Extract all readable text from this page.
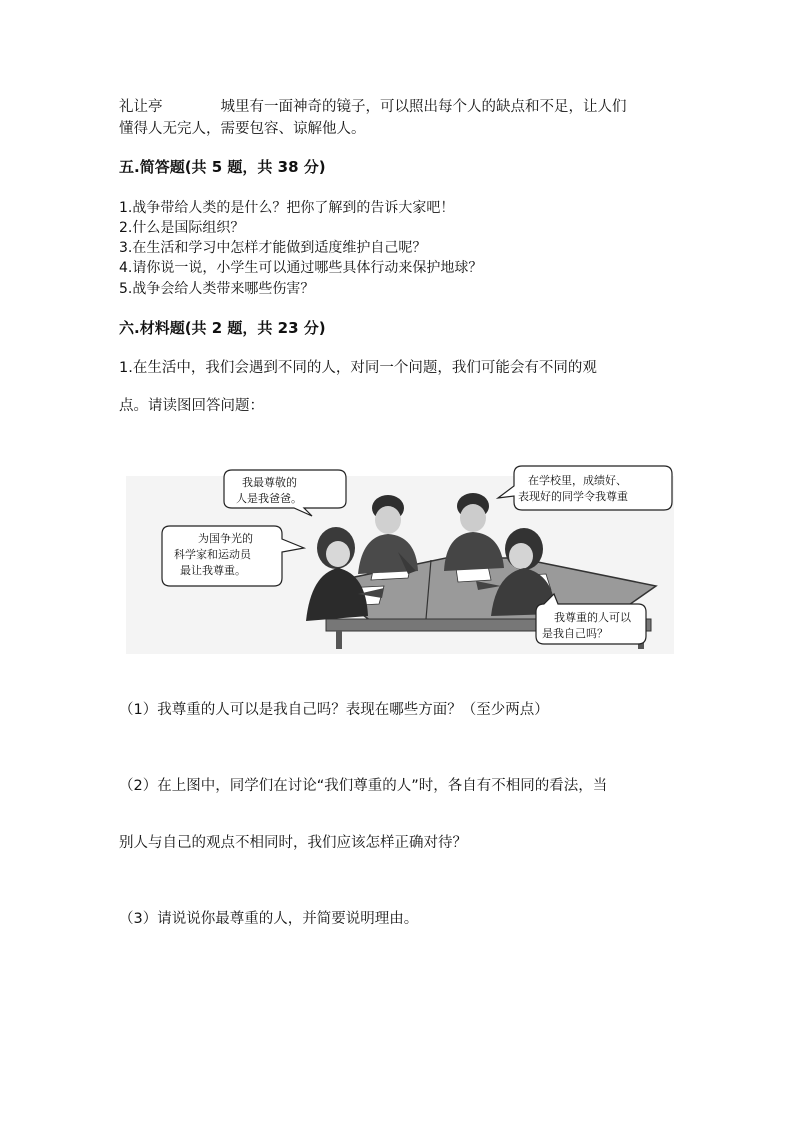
礼让亭	城里有一面神奇的镜子，可以照出每个人的缺点和不足，让人们
懂得人无完人，需要包容、谅解他人。
五.简答题(共 5 题，共 38 分)
1.战争带给人类的是什么？把你了解到的告诉大家吧！
2.什么是国际组织？
3.在生活和学习中怎样才能做到适度维护自己呢？
4.请你说一说，小学生可以通过哪些具体行动来保护地球？
5.战争会给人类带来哪些伤害？
六.材料题(共 2 题，共 23 分)
1.在生活中，我们会遇到不同的人，对同一个问题，我们可能会有不同的观
点。请读图回答问题：
我最尊敬的
人是我爸爸。
为国争光的
科学家和运动员
最让我尊重。
在学校里，成绩好、
表现好的同学令我尊重
我尊重的人可以
是我自己吗？
（1）我尊重的人可以是我自己吗？表现在哪些方面？（至少两点）
（2）在上图中，同学们在讨论“我们尊重的人”时，各自有不相同的看法，当
别人与自己的观点不相同时，我们应该怎样正确对待？
（3）请说说你最尊重的人，并简要说明理由。
